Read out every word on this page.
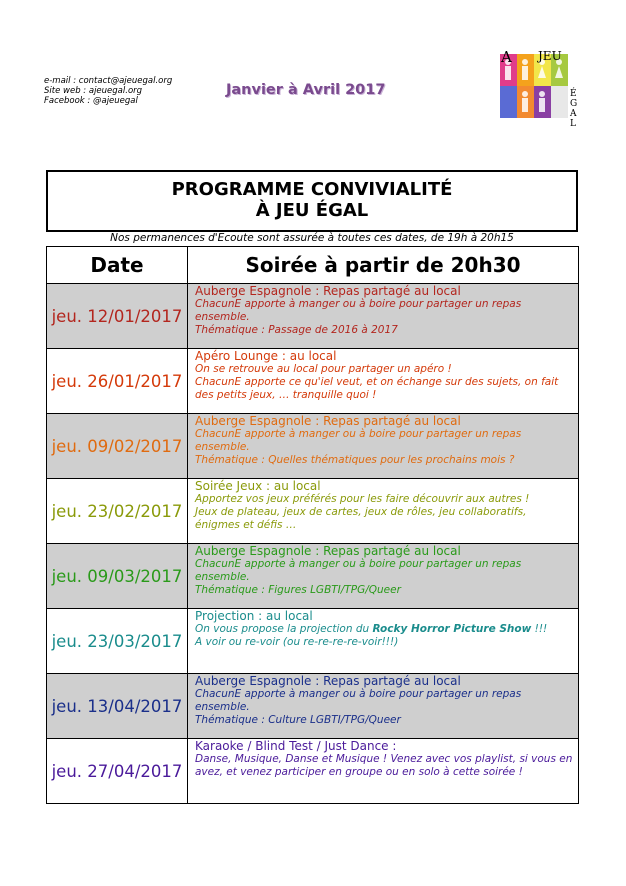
e-mail : contact@ajeuegal.org
Site web : ajeuegal.org
Facebook : @ajeuegal
Janvier à Avril 2017
A JEU
É
G
A
L
PROGRAMME CONVIVIALITÉ
À JEU ÉGAL
Nos permanences d'Ecoute sont assurée à toutes ces dates, de 19h à 20h15
Date	Soirée à partir de 20h30
jeu. 12/01/2017	Auberge Espagnole : Repas partagé au local
ChacunE apporte à manger ou à boire pour partager un repas ensemble.
Thématique : Passage de 2016 à 2017

jeu. 26/01/2017	Apéro Lounge : au local
On se retrouve au local pour partager un apéro !
ChacunE apporte ce qu'iel veut, et on échange sur des sujets, on fait des petits jeux, … tranquille quoi !

jeu. 09/02/2017	Auberge Espagnole : Repas partagé au local
ChacunE apporte à manger ou à boire pour partager un repas ensemble.
Thématique : Quelles thématiques pour les prochains mois ?

jeu. 23/02/2017	Soirée Jeux : au local
Apportez vos jeux préférés pour les faire découvrir aux autres !
Jeux de plateau, jeux de cartes, jeux de rôles, jeu collaboratifs, énigmes et défis …

jeu. 09/03/2017	Auberge Espagnole : Repas partagé au local
ChacunE apporte à manger ou à boire pour partager un repas ensemble.
Thématique : Figures LGBTI/TPG/Queer

jeu. 23/03/2017	Projection : au local
On vous propose la projection du Rocky Horror Picture Show !!!
A voir ou re-voir (ou re-re-re-re-voir!!!)

jeu. 13/04/2017	Auberge Espagnole : Repas partagé au local
ChacunE apporte à manger ou à boire pour partager un repas ensemble.
Thématique : Culture LGBTI/TPG/Queer

jeu. 27/04/2017	Karaoke / Blind Test / Just Dance :
Danse, Musique, Danse et Musique ! Venez avec vos playlist, si vous en avez, et venez participer en groupe ou en solo à cette soirée !
